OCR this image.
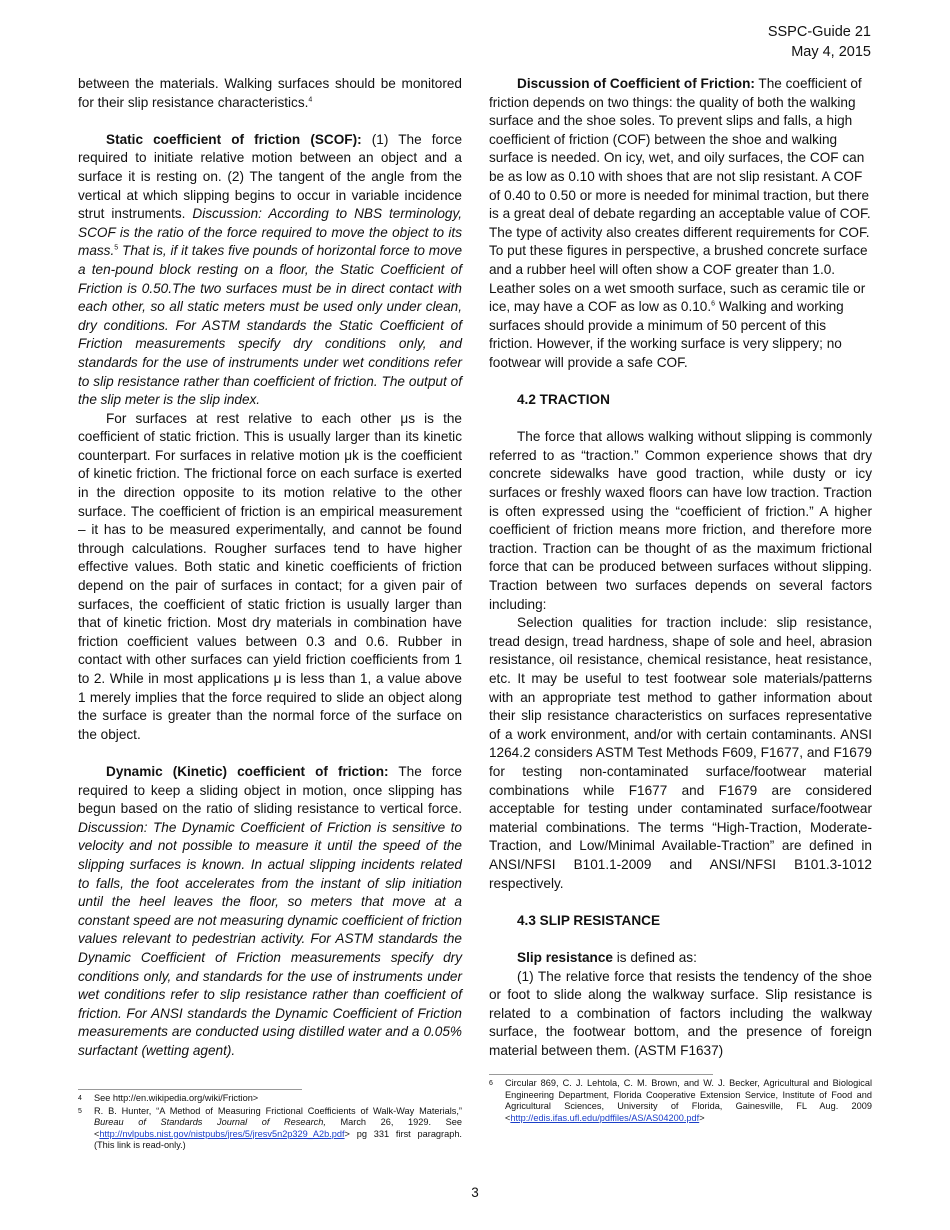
SSPC-Guide 21
May 4, 2015

between the materials. Walking surfaces should be monitored for their slip resistance characteristics.$^4$

Static coefficient of friction (SCOF): (1) The force required to initiate relative motion between an object and a surface it is resting on. (2) The tangent of the angle from the vertical at which slipping begins to occur in variable incidence strut instruments. Discussion: According to NBS terminology, SCOF is the ratio of the force required to move the object to its mass.$^5$ That is, if it takes five pounds of horizontal force to move a ten-pound block resting on a floor, the Static Coefficient of Friction is 0.50.The two surfaces must be in direct contact with each other, so all static meters must be used only under clean, dry conditions. For ASTM standards the Static Coefficient of Friction measurements specify dry conditions only, and standards for the use of instruments under wet conditions refer to slip resistance rather than coefficient of friction. The output of the slip meter is the slip index.

For surfaces at rest relative to each other μs is the coefficient of static friction. This is usually larger than its kinetic counterpart. For surfaces in relative motion μk is the coefficient of kinetic friction. The frictional force on each surface is exerted in the direction opposite to its motion relative to the other surface. The coefficient of friction is an empirical measurement – it has to be measured experimentally, and cannot be found through calculations. Rougher surfaces tend to have higher effective values. Both static and kinetic coefficients of friction depend on the pair of surfaces in contact; for a given pair of surfaces, the coefficient of static friction is usually larger than that of kinetic friction. Most dry materials in combination have friction coefficient values between 0.3 and 0.6. Rubber in contact with other surfaces can yield friction coefficients from 1 to 2. While in most applications μ is less than 1, a value above 1 merely implies that the force required to slide an object along the surface is greater than the normal force of the surface on the object.

Dynamic (Kinetic) coefficient of friction: The force required to keep a sliding object in motion, once slipping has begun based on the ratio of sliding resistance to vertical force. Discussion: The Dynamic Coefficient of Friction is sensitive to velocity and not possible to measure it until the speed of the slipping surfaces is known. In actual slipping incidents related to falls, the foot accelerates from the instant of slip initiation until the heel leaves the floor, so meters that move at a constant speed are not measuring dynamic coefficient of friction values relevant to pedestrian activity. For ASTM standards the Dynamic Coefficient of Friction measurements specify dry conditions only, and standards for the use of instruments under wet conditions refer to slip resistance rather than coefficient of friction. For ANSI standards the Dynamic Coefficient of Friction measurements are conducted using distilled water and a 0.05% surfactant (wetting agent).

4 See http://en.wikipedia.org/wiki/Friction>

5 R. B. Hunter, “A Method of Measuring Frictional Coefficients of Walk-Way Materials,” Bureau of Standards Journal of Research, March 26, 1929. See <http://nvlpubs.nist.gov/nistpubs/jres/5/jresv5n2p329_A2b.pdf> pg 331 first paragraph. (This link is read-only.)

Discussion of Coefficient of Friction: The coefficient of friction depends on two things: the quality of both the walking surface and the shoe soles. To prevent slips and falls, a high coefficient of friction (COF) between the shoe and walking surface is needed. On icy, wet, and oily surfaces, the COF can be as low as 0.10 with shoes that are not slip resistant. A COF of 0.40 to 0.50 or more is needed for minimal traction, but there is a great deal of debate regarding an acceptable value of COF. The type of activity also creates different requirements for COF. To put these figures in perspective, a brushed concrete surface and a rubber heel will often show a COF greater than 1.0. Leather soles on a wet smooth surface, such as ceramic tile or ice, may have a COF as low as 0.10.$^6$ Walking and working surfaces should provide a minimum of 50 percent of this friction. However, if the working surface is very slippery; no footwear will provide a safe COF.

4.2 TRACTION

The force that allows walking without slipping is commonly referred to as “traction.” Common experience shows that dry concrete sidewalks have good traction, while dusty or icy surfaces or freshly waxed floors can have low traction. Traction is often expressed using the “coefficient of friction.” A higher coefficient of friction means more friction, and therefore more traction. Traction can be thought of as the maximum frictional force that can be produced between surfaces without slipping. Traction between two surfaces depends on several factors including:

Selection qualities for traction include: slip resistance, tread design, tread hardness, shape of sole and heel, abrasion resistance, oil resistance, chemical resistance, heat resistance, etc. It may be useful to test footwear sole materials/patterns with an appropriate test method to gather information about their slip resistance characteristics on surfaces representative of a work environment, and/or with certain contaminants. ANSI 1264.2 considers ASTM Test Methods F609, F1677, and F1679 for testing non-contaminated surface/footwear material combinations while F1677 and F1679 are considered acceptable for testing under contaminated surface/footwear material combinations. The terms “High-Traction, Moderate-Traction, and Low/Minimal Available-Traction” are defined in ANSI/NFSI B101.1-2009 and ANSI/NFSI B101.3-1012 respectively.

4.3 SLIP RESISTANCE

Slip resistance is defined as:

(1) The relative force that resists the tendency of the shoe or foot to slide along the walkway surface. Slip resistance is related to a combination of factors including the walkway surface, the footwear bottom, and the presence of foreign material between them. (ASTM F1637)

6 Circular 869, C. J. Lehtola, C. M. Brown, and W. J. Becker, Agricultural and Biological Engineering Department, Florida Cooperative Extension Service, Institute of Food and Agricultural Sciences, University of Florida, Gainesville, FL Aug. 2009 <http://edis.ifas.ufl.edu/pdffiles/AS/AS04200.pdf>

3
